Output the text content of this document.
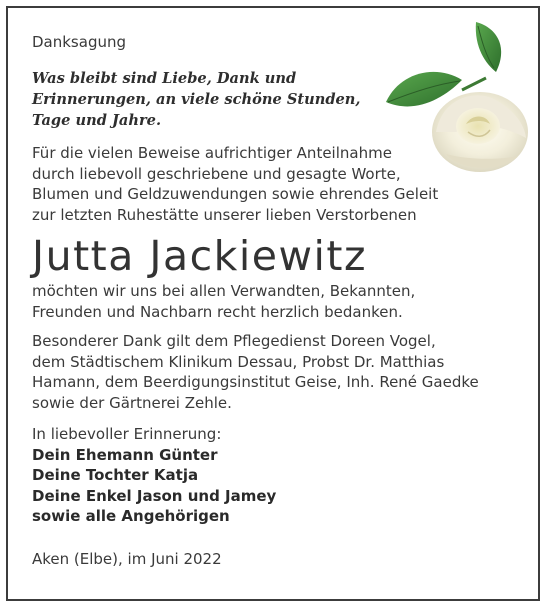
Danksagung

Was bleibt sind Liebe, Dank und
Erinnerungen, an viele schöne Stunden,
Tage und Jahre.
Für die vielen Beweise aufrichtiger Anteilnahme
durch liebevoll geschriebene und gesagte Worte,
Blumen und Geldzuwendungen sowie ehrendes Geleit
zur letzten Ruhestätte unserer lieben Verstorbenen
Jutta Jackiewitz
möchten wir uns bei allen Verwandten, Bekannten,
Freunden und Nachbarn recht herzlich bedanken.
Besonderer Dank gilt dem Pflegedienst Doreen Vogel,
dem Städtischem Klinikum Dessau, Probst Dr. Matthias
Hamann, dem Beerdigungsinstitut Geise, Inh. René Gaedke
sowie der Gärtnerei Zehle.
In liebevoller Erinnerung:
Dein Ehemann Günter
Deine Tochter Katja
Deine Enkel Jason und Jamey
sowie alle Angehörigen

Aken (Elbe), im Juni 2022
